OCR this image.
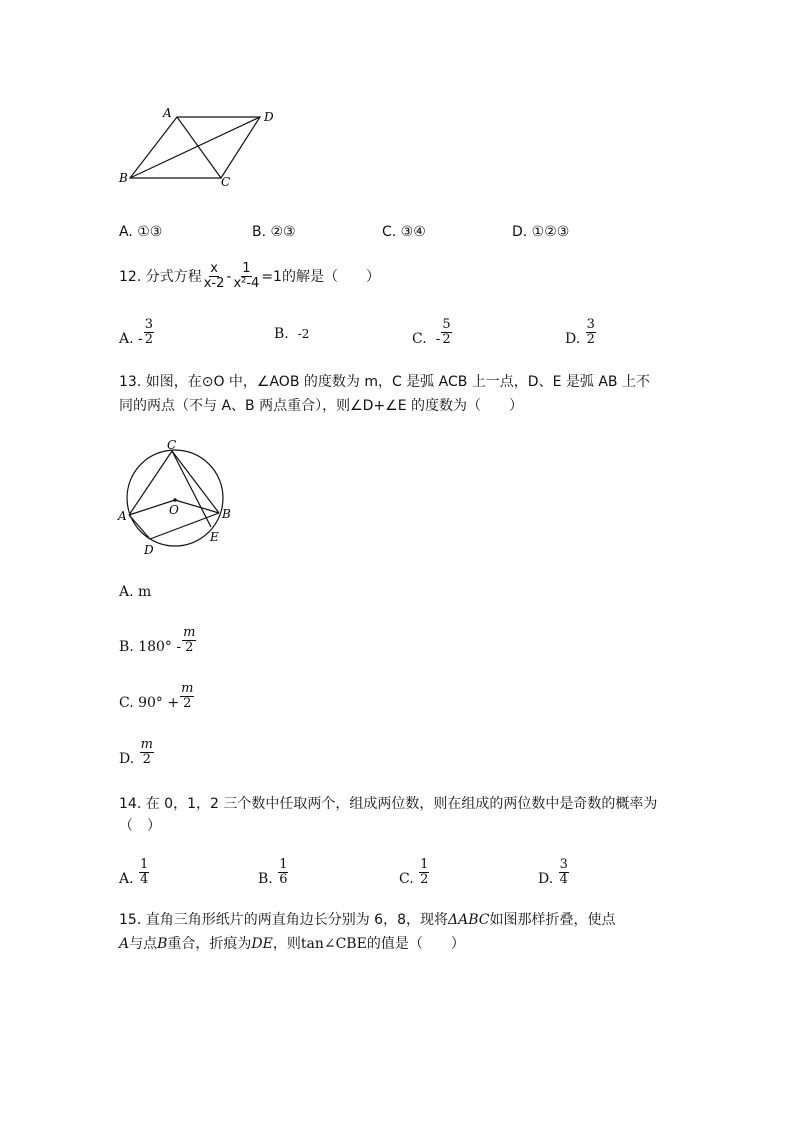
A	D
B	C
A. ①③	B. ②③	C. ③④	D. ①②③
12. 分式方程 $\frac{x}{x-2} - \frac{1}{\text{x²-4}} =1$ 的解是（　　）
A.
- $\frac{3}{2}$	B. -2	C.
- $\frac{5}{2}$	D.
$\frac{3}{2}$
13. 如图，在⊙O 中，∠AOB 的度数为 m，C 是弧 ACB 上一点，D、E 是弧 AB 上不
同的两点（不与 A、B 两点重合），则∠D+∠E 的度数为（　　）
C
O
A	B
D
E
A. m
B. 180°
- $\frac{m}{2}$
C. 90°
+ $\frac{m}{2}$
D.
$\frac{m}{2}$
14. 在 0，1，2 三个数中任取两个，组成两位数，则在组成的两位数中是奇数的概率为
（　）
A.
$\frac{1}{4}$	B.
$\frac{1}{6}$	C.
$\frac{1}{2}$	D.
$\frac{3}{4}$
15. 直角三角形纸片的两直角边长分别为 6，8，现将ΔABC如图那样折叠，使点
A与点B重合，折痕为DE，则tan∠CBE的值是（　　）
